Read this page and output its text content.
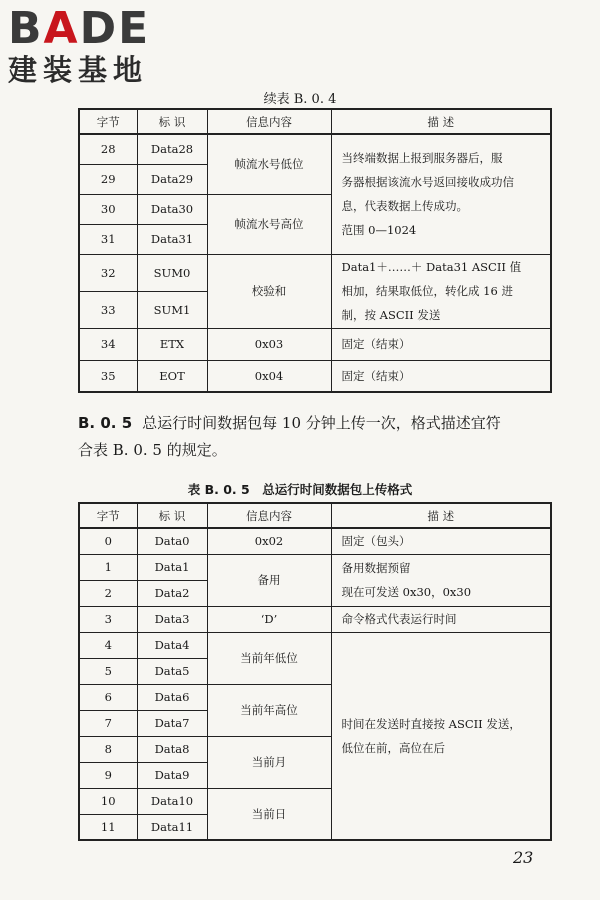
BADE
建装基地
续表 B. 0. 4
字节	标 识	信息内容	描 述
28	Data28	帧流水号低位	当终端数据上报到服务器后，服
务器根据该流水号返回接收成功信
息，代表数据上传成功。
范围 0—1024

29	Data29		
30	Data30	帧流水号高位	
31	Data31		
32	SUM0	校验和	Data1＋……＋ Data31 ASCII 值
相加，结果取低位，转化成 16 进
制，按 ASCII 发送

33	SUM1		
34	ETX	0x03	固定（结束）
35	EOT	0x04	固定（结束）
B. 0. 5 总运行时间数据包每 10 分钟上传一次，格式描述宜符
合表 B. 0. 5 的规定。
表 B. 0. 5　总运行时间数据包上传格式
字节	标 识	信息内容	描 述
0	Data0	0x02	固定（包头）
1	Data1	备用	备用数据预留
现在可发送 0x30，0x30

2	Data2		
3	Data3	‘D’	命令格式代表运行时间
4	Data4	当前年低位	时间在发送时直接按 ASCII 发送，
低位在前，高位在后

5	Data5		
6	Data6	当前年高位	
7	Data7		
8	Data8	当前月	
9	Data9		
10	Data10	当前日	
11	Data11		
23
